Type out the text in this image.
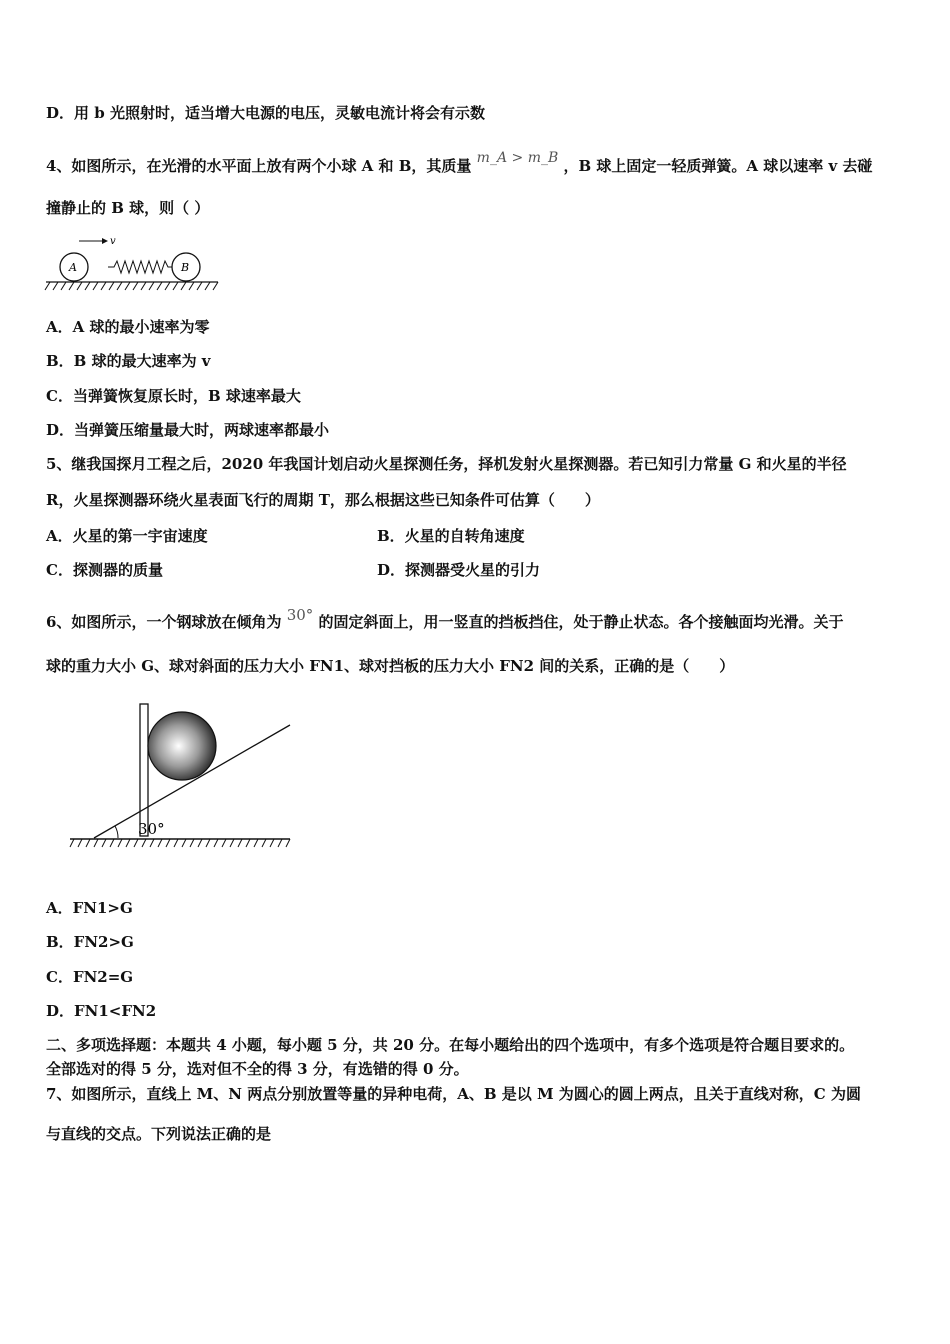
D．用 b 光照射时，适当增大电源的电压，灵敏电流计将会有示数
4、如图所示，在光滑的水平面上放有两个小球 A 和 B，其质量 m_A > m_B ，B 球上固定一轻质弹簧。A 球以速率 v 去碰
撞静止的 B 球，则（ ）
v
A	B
A．A 球的最小速率为零
B．B 球的最大速率为 v
C．当弹簧恢复原长时，B 球速率最大
D．当弹簧压缩量最大时，两球速率都最小
5、继我国探月工程之后，2020 年我国计划启动火星探测任务，择机发射火星探测器。若已知引力常量 G 和火星的半径
R，火星探测器环绕火星表面飞行的周期 T，那么根据这些已知条件可估算（　　）
A．火星的第一宇宙速度	B．火星的自转角速度
C．探测器的质量	D．探测器受火星的引力
6、如图所示，一个钢球放在倾角为 30° 的固定斜面上，用一竖直的挡板挡住，处于静止状态。各个接触面均光滑。关于
球的重力大小 G、球对斜面的压力大小 FN1、球对挡板的压力大小 FN2 间的关系，正确的是（　　）
30°
A．FN1>G
B．FN2>G
C．FN2=G
D．FN1<FN2
二、多项选择题：本题共 4 小题，每小题 5 分，共 20 分。在每小题给出的四个选项中，有多个选项是符合题目要求的。
全部选对的得 5 分，选对但不全的得 3 分，有选错的得 0 分。
7、如图所示，直线上 M、N 两点分别放置等量的异种电荷，A、B 是以 M 为圆心的圆上两点，且关于直线对称，C 为圆
与直线的交点。下列说法正确的是
